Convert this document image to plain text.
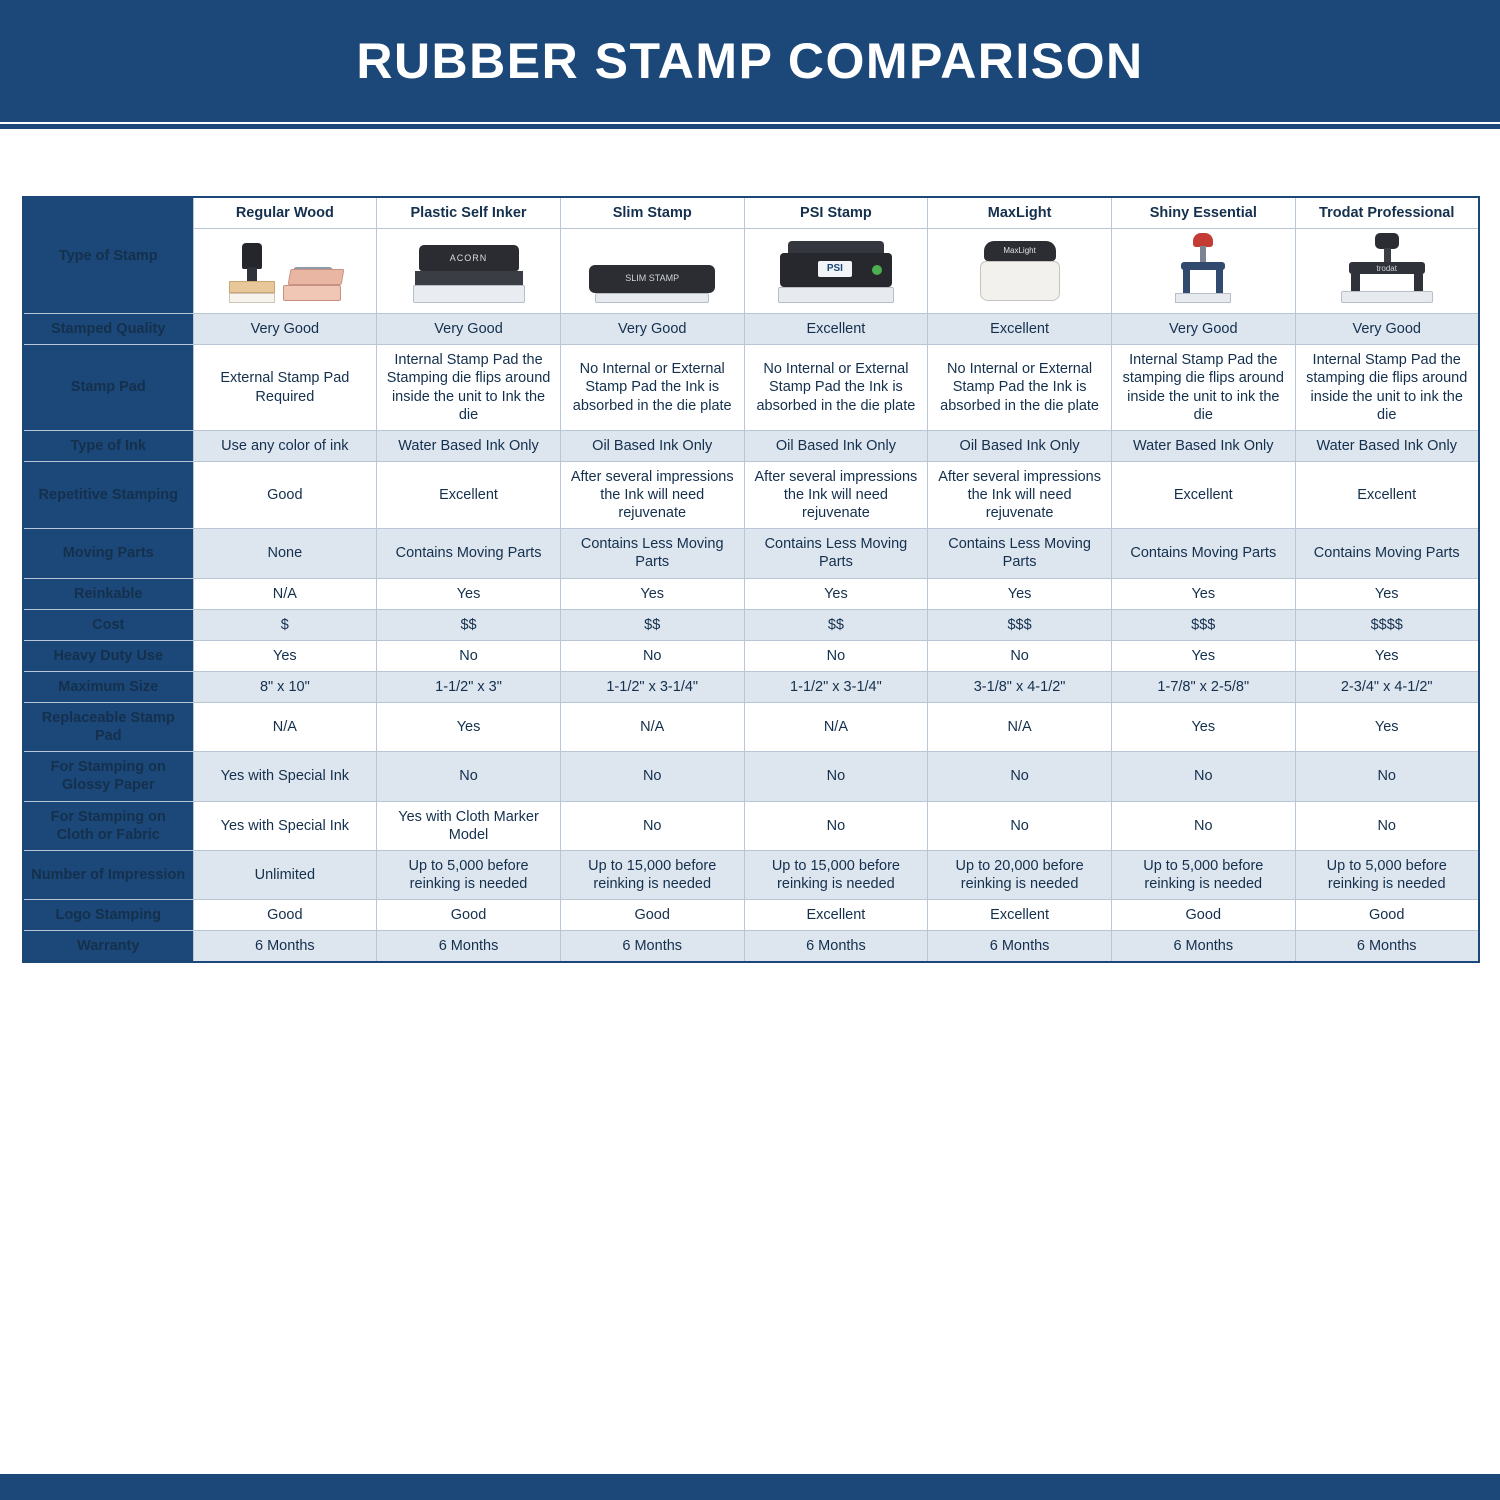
RUBBER STAMP COMPARISON
Type of Stamp	Regular Wood	Plastic Self Inker	Slim Stamp	PSI Stamp	MaxLight	Shiny Essential	Trodat Professional

		ACORN	SLIM STAMP	PSI	MaxLight		trodat

Stamped Quality	Very Good	Very Good	Very Good	Excellent	Excellent	Very Good	Very Good
Stamp Pad	External Stamp Pad Required	Internal Stamp Pad the Stamping die flips around inside the unit to Ink the die	No Internal or External Stamp Pad the Ink is absorbed in the die plate	No Internal or External Stamp Pad the Ink is absorbed in the die plate	No Internal or External Stamp Pad the Ink is absorbed in the die plate	Internal Stamp Pad the stamping die flips around inside the unit to ink the die	Internal Stamp Pad the stamping die flips around inside the unit to ink the die
Type of Ink	Use any color of ink	Water Based Ink Only	Oil Based Ink Only	Oil Based Ink Only	Oil Based Ink Only	Water Based Ink Only	Water Based Ink Only
Repetitive Stamping	Good	Excellent	After several impressions the Ink will need rejuvenate	After several impressions the Ink will need rejuvenate	After several impressions the Ink will need rejuvenate	Excellent	Excellent
Moving Parts	None	Contains Moving Parts	Contains Less Moving Parts	Contains Less Moving Parts	Contains Less Moving Parts	Contains Moving Parts	Contains Moving Parts
Reinkable	N/A	Yes	Yes	Yes	Yes	Yes	Yes
Cost	$	$$	$$	$$	$$$	$$$	$$$$
Heavy Duty Use	Yes	No	No	No	No	Yes	Yes
Maximum Size	8" x 10"	1-1/2" x 3"	1-1/2" x 3-1/4"	1-1/2" x 3-1/4"	3-1/8" x 4-1/2"	1-7/8" x 2-5/8"	2-3/4" x 4-1/2"
Replaceable Stamp Pad	N/A	Yes	N/A	N/A	N/A	Yes	Yes
For Stamping on Glossy Paper	Yes with Special Ink	No	No	No	No	No	No
For Stamping on Cloth or Fabric	Yes with Special Ink	Yes with Cloth Marker Model	No	No	No	No	No
Number of Impression	Unlimited	Up to 5,000 before reinking is needed	Up to 15,000 before reinking is needed	Up to 15,000 before reinking is needed	Up to 20,000 before reinking is needed	Up to 5,000 before reinking is needed	Up to 5,000 before reinking is needed
Logo Stamping	Good	Good	Good	Excellent	Excellent	Good	Good
Warranty	6 Months	6 Months	6 Months	6 Months	6 Months	6 Months	6 Months
